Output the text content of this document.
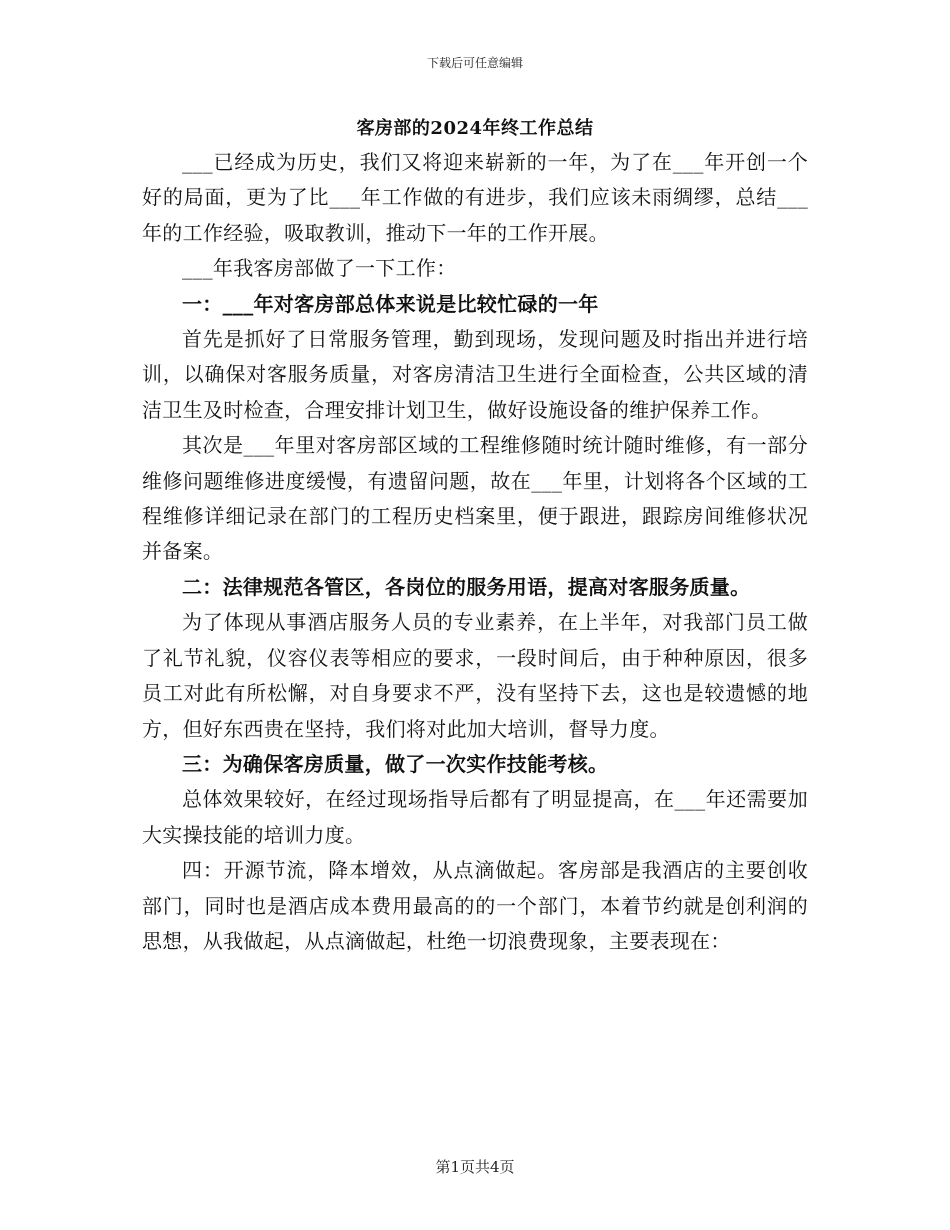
下载后可任意编辑
客房部的2024年终工作总结

___已经成为历史，我们又将迎来崭新的一年，为了在___年开创一个好的局面，更为了比___年工作做的有进步，我们应该未雨绸缪，总结___年的工作经验，吸取教训，推动下一年的工作开展。

___年我客房部做了一下工作：

一：___年对客房部总体来说是比较忙碌的一年

首先是抓好了日常服务管理，勤到现场，发现问题及时指出并进行培训，以确保对客服务质量，对客房清洁卫生进行全面检查，公共区域的清洁卫生及时检查，合理安排计划卫生，做好设施设备的维护保养工作。

其次是___年里对客房部区域的工程维修随时统计随时维修，有一部分维修问题维修进度缓慢，有遗留问题，故在___年里，计划将各个区域的工程维修详细记录在部门的工程历史档案里，便于跟进，跟踪房间维修状况并备案。

二：法律规范各管区，各岗位的服务用语，提高对客服务质量。

为了体现从事酒店服务人员的专业素养，在上半年，对我部门员工做了礼节礼貌，仪容仪表等相应的要求，一段时间后，由于种种原因，很多员工对此有所松懈，对自身要求不严，没有坚持下去，这也是较遗憾的地方，但好东西贵在坚持，我们将对此加大培训，督导力度。

三：为确保客房质量，做了一次实作技能考核。

总体效果较好，在经过现场指导后都有了明显提高，在___年还需要加大实操技能的培训力度。

四：开源节流，降本增效，从点滴做起。客房部是我酒店的主要创收部门，同时也是酒店成本费用最高的的一个部门，本着节约就是创利润的思想，从我做起，从点滴做起，杜绝一切浪费现象，主要表现在：

第1页共4页
